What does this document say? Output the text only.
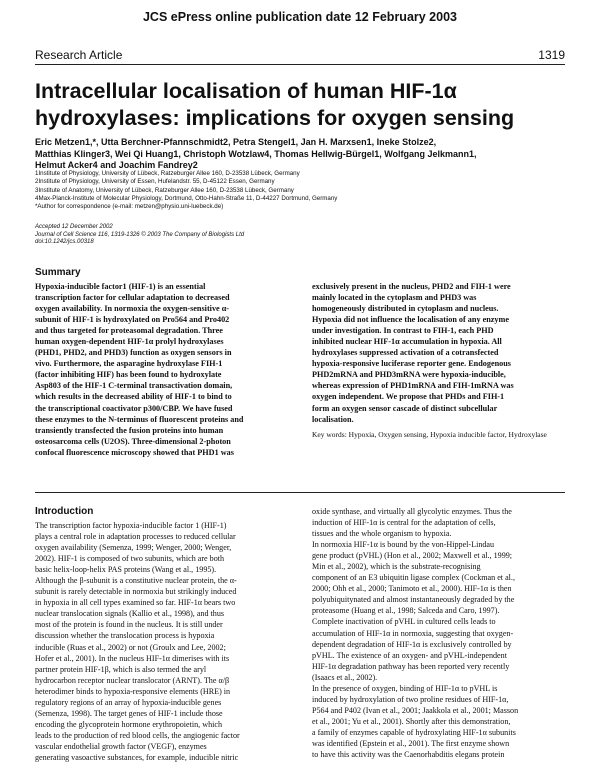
JCS ePress online publication date 12 February 2003
Research Article	1319
Intracellular localisation of human HIF-1α
hydroxylases: implications for oxygen sensing
Eric Metzen1,*, Utta Berchner-Pfannschmidt2, Petra Stengel1, Jan H. Marxsen1, Ineke Stolze2,
Matthias Klinger3, Wei Qi Huang1, Christoph Wotzlaw4, Thomas Hellwig-Bürgel1, Wolfgang Jelkmann1,
Helmut Acker4 and Joachim Fandrey2
1Institute of Physiology, University of Lübeck, Ratzeburger Allee 160, D-23538 Lübeck, Germany
2Institute of Physiology, University of Essen, Hufelandstr. 55, D-45122 Essen, Germany
3Institute of Anatomy, University of Lübeck, Ratzeburger Allee 160, D-23538 Lübeck, Germany
4Max-Planck-Institute of Molecular Physiology, Dortmund, Otto-Hahn-Straße 11, D-44227 Dortmund, Germany
*Author for correspondence (e-mail: metzen@physio.uni-luebeck.de)
Accepted 12 December 2002
Journal of Cell Science 116, 1319-1326 © 2003 The Company of Biologists Ltd
doi:10.1242/jcs.00318
Summary
Hypoxia-inducible factor1 (HIF-1) is an essential
transcription factor for cellular adaptation to decreased
oxygen availability. In normoxia the oxygen-sensitive α-
subunit of HIF-1 is hydroxylated on Pro564 and Pro402
and thus targeted for proteasomal degradation. Three
human oxygen-dependent HIF-1α prolyl hydroxylases
(PHD1, PHD2, and PHD3) function as oxygen sensors in
vivo. Furthermore, the asparagine hydroxylase FIH-1
(factor inhibiting HIF) has been found to hydroxylate
Asp803 of the HIF-1 C-terminal transactivation domain,
which results in the decreased ability of HIF-1 to bind to
the transcriptional coactivator p300/CBP. We have fused
these enzymes to the N-terminus of fluorescent proteins and
transiently transfected the fusion proteins into human
osteosarcoma cells (U2OS). Three-dimensional 2-photon
confocal fluorescence microscopy showed that PHD1 was
exclusively present in the nucleus, PHD2 and FIH-1 were
mainly located in the cytoplasm and PHD3 was
homogeneously distributed in cytoplasm and nucleus.
Hypoxia did not influence the localisation of any enzyme
under investigation. In contrast to FIH-1, each PHD
inhibited nuclear HIF-1α accumulation in hypoxia. All
hydroxylases suppressed activation of a cotransfected
hypoxia-responsive luciferase reporter gene. Endogenous
PHD2mRNA and PHD3mRNA were hypoxia-inducible,
whereas expression of PHD1mRNA and FIH-1mRNA was
oxygen independent. We propose that PHDs and FIH-1
form an oxygen sensor cascade of distinct subcellular
localisation.
Key words: Hypoxia, Oxygen sensing, Hypoxia inducible factor, Hydroxylase
Introduction
The transcription factor hypoxia-inducible factor 1 (HIF-1)
plays a central role in adaptation processes to reduced cellular
oxygen availability (Semenza, 1999; Wenger, 2000; Wenger,
2002). HIF-1 is composed of two subunits, which are both
basic helix-loop-helix PAS proteins (Wang et al., 1995).
Although the β-subunit is a constitutive nuclear protein, the α-
subunit is rarely detectable in normoxia but strikingly induced
in hypoxia in all cell types examined so far. HIF-1α bears two
nuclear translocation signals (Kallio et al., 1998), and thus
most of the protein is found in the nucleus. It is still under
discussion whether the translocation process is hypoxia
inducible (Ruas et al., 2002) or not (Groulx and Lee, 2002;
Hofer et al., 2001). In the nucleus HIF-1α dimerises with its
partner protein HIF-1β, which is also termed the aryl
hydrocarbon receptor nuclear translocator (ARNT). The α/β
heterodimer binds to hypoxia-responsive elements (HRE) in
regulatory regions of an array of hypoxia-inducible genes
(Semenza, 1998). The target genes of HIF-1 include those
encoding the glycoprotein hormone erythropoietin, which
leads to the production of red blood cells, the angiogenic factor
vascular endothelial growth factor (VEGF), enzymes
generating vasoactive substances, for example, inducible nitric
oxide synthase, and virtually all glycolytic enzymes. Thus the
induction of HIF-1α is central for the adaptation of cells,
tissues and the whole organism to hypoxia.
In normoxia HIF-1α is bound by the von-Hippel-Lindau
gene product (pVHL) (Hon et al., 2002; Maxwell et al., 1999;
Min et al., 2002), which is the substrate-recognising
component of an E3 ubiquitin ligase complex (Cockman et al.,
2000; Ohh et al., 2000; Tanimoto et al., 2000). HIF-1α is then
polyubiquitynated and almost instantaneously degraded by the
proteasome (Huang et al., 1998; Salceda and Caro, 1997).
Complete inactivation of pVHL in cultured cells leads to
accumulation of HIF-1α in normoxia, suggesting that oxygen-
dependent degradation of HIF-1α is exclusively controlled by
pVHL. The existence of an oxygen- and pVHL-independent
HIF-1α degradation pathway has been reported very recently
(Isaacs et al., 2002).
In the presence of oxygen, binding of HIF-1α to pVHL is
induced by hydroxylation of two proline residues of HIF-1α,
P564 and P402 (Ivan et al., 2001; Jaakkola et al., 2001; Masson
et al., 2001; Yu et al., 2001). Shortly after this demonstration,
a family of enzymes capable of hydroxylating HIF-1α subunits
was identified (Epstein et al., 2001). The first enzyme shown
to have this activity was the Caenorhabditis elegans protein
